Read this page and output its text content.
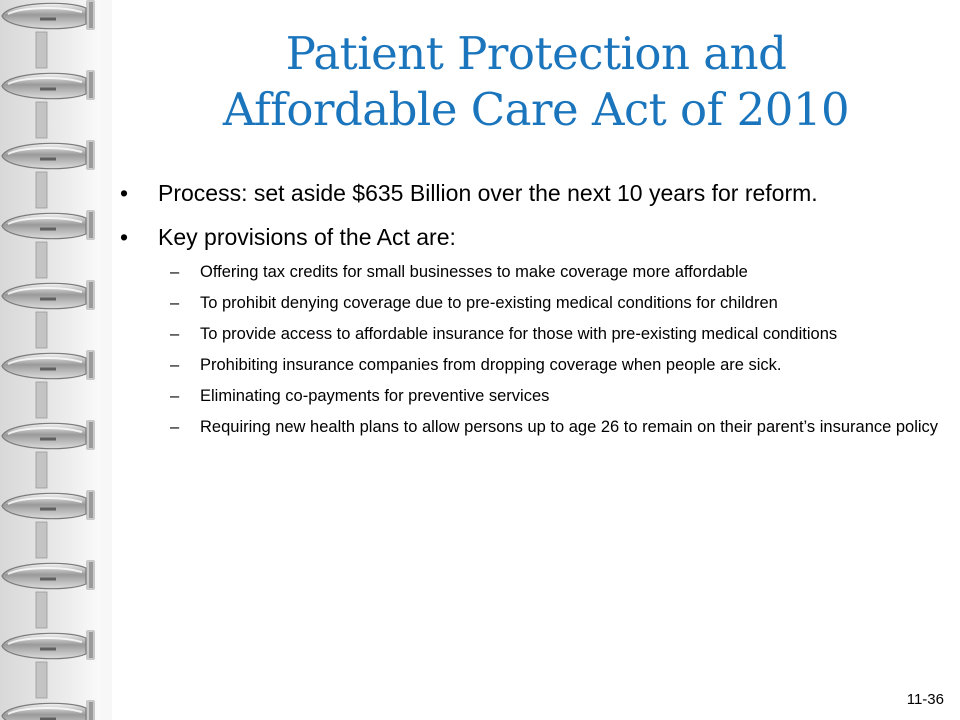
Patient Protection and
Affordable Care Act of 2010
• Process: set aside $635 Billion over the next 10 years for reform.
• Key provisions of the Act are:
– Offering tax credits for small businesses to make coverage more affordable
– To prohibit denying coverage due to pre-existing medical conditions for children
– To provide access to affordable insurance for those with pre-existing medical conditions
– Prohibiting insurance companies from dropping coverage when people are sick.
– Eliminating co-payments for preventive services
– Requiring new health plans to allow persons up to age 26 to remain on their parent’s insurance policy
11-36
